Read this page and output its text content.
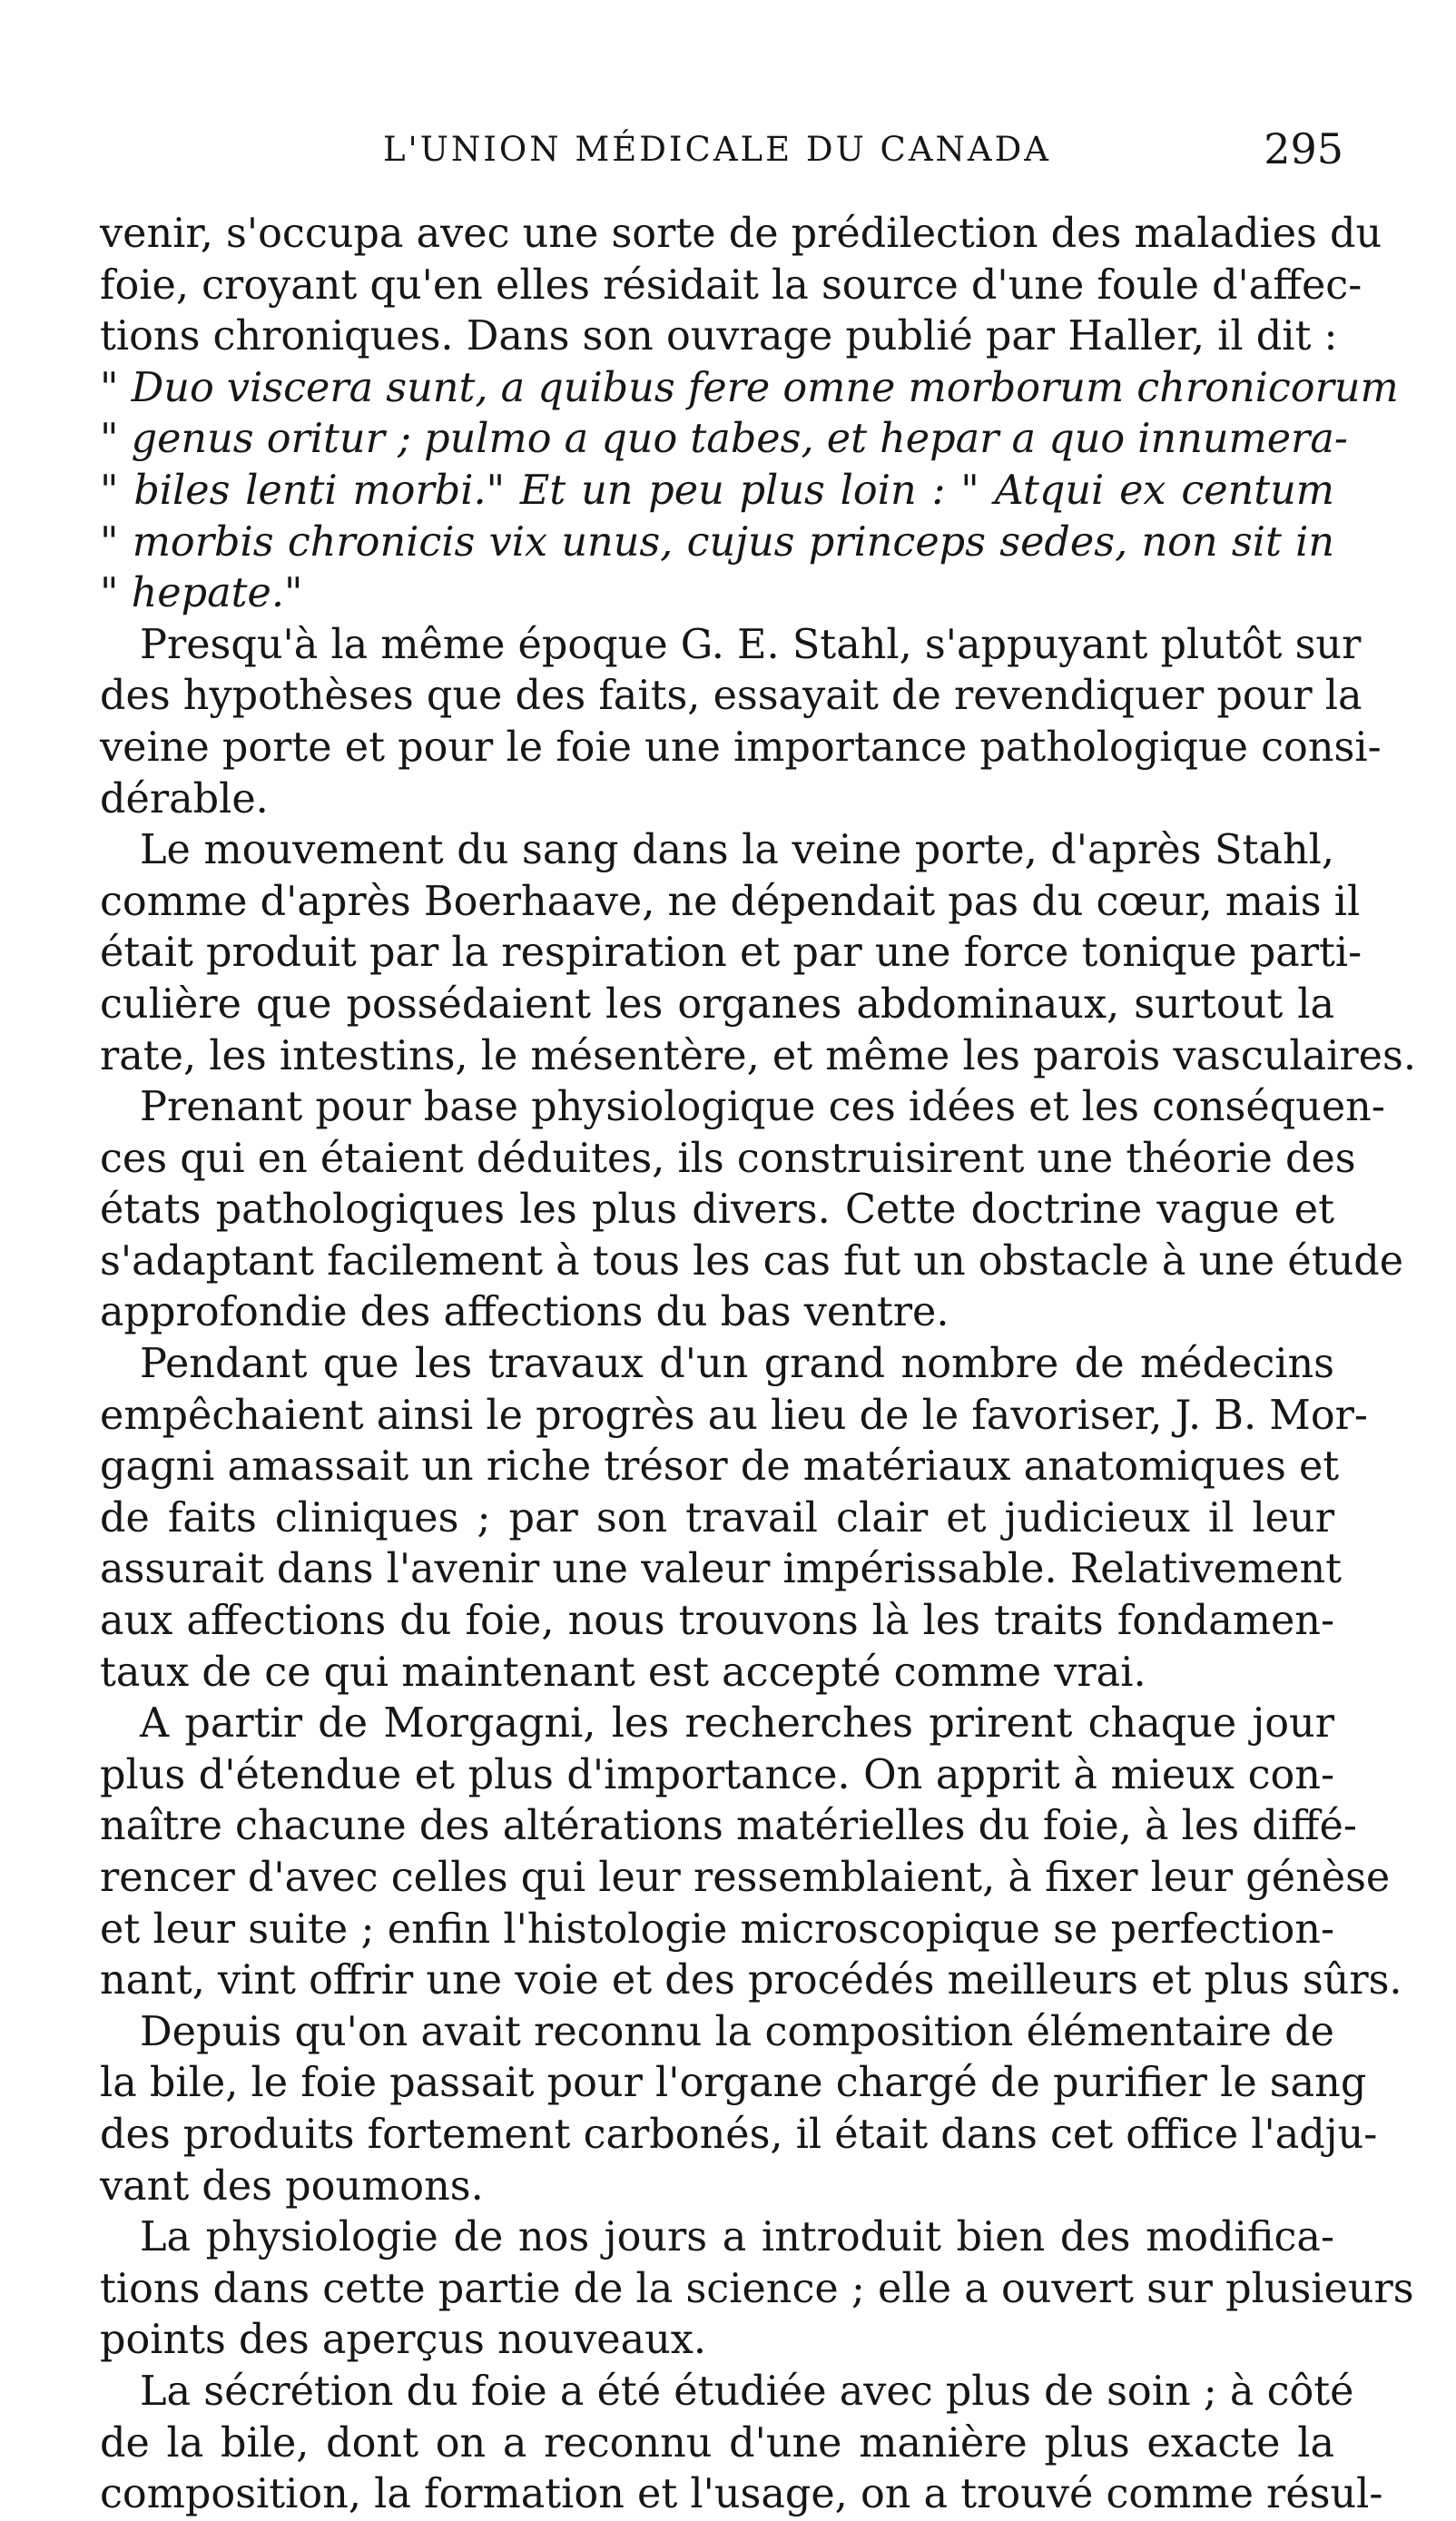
L'UNION MÉDICALE DU CANADA	295
venir, s'occupa avec une sorte de prédilection des maladies du
foie, croyant qu'en elles résidait la source d'une foule d'affec-
tions chroniques. Dans son ouvrage publié par Haller, il dit :
" Duo viscera sunt, a quibus fere omne morborum chronicorum
" genus oritur ; pulmo a quo tabes, et hepar a quo innumera-
" biles lenti morbi." Et un peu plus loin : " Atqui ex centum
" morbis chronicis vix unus, cujus princeps sedes, non sit in
" hepate."
Presqu'à la même époque G. E. Stahl, s'appuyant plutôt sur
des hypothèses que des faits, essayait de revendiquer pour la
veine porte et pour le foie une importance pathologique consi-
dérable.
Le mouvement du sang dans la veine porte, d'après Stahl,
comme d'après Boerhaave, ne dépendait pas du cœur, mais il
était produit par la respiration et par une force tonique parti-
culière que possédaient les organes abdominaux, surtout la
rate, les intestins, le mésentère, et même les parois vasculaires.
Prenant pour base physiologique ces idées et les conséquen-
ces qui en étaient déduites, ils construisirent une théorie des
états pathologiques les plus divers. Cette doctrine vague et
s'adaptant facilement à tous les cas fut un obstacle à une étude
approfondie des affections du bas ventre.
Pendant que les travaux d'un grand nombre de médecins
empêchaient ainsi le progrès au lieu de le favoriser, J. B. Mor-
gagni amassait un riche trésor de matériaux anatomiques et
de faits cliniques ; par son travail clair et judicieux il leur
assurait dans l'avenir une valeur impérissable. Relativement
aux affections du foie, nous trouvons là les traits fondamen-
taux de ce qui maintenant est accepté comme vrai.
A partir de Morgagni, les recherches prirent chaque jour
plus d'étendue et plus d'importance. On apprit à mieux con-
naître chacune des altérations matérielles du foie, à les diffé-
rencer d'avec celles qui leur ressemblaient, à fixer leur génèse
et leur suite ; enfin l'histologie microscopique se perfection-
nant, vint offrir une voie et des procédés meilleurs et plus sûrs.
Depuis qu'on avait reconnu la composition élémentaire de
la bile, le foie passait pour l'organe chargé de purifier le sang
des produits fortement carbonés, il était dans cet office l'adju-
vant des poumons.
La physiologie de nos jours a introduit bien des modifica-
tions dans cette partie de la science ; elle a ouvert sur plusieurs
points des aperçus nouveaux.
La sécrétion du foie a été étudiée avec plus de soin ; à côté
de la bile, dont on a reconnu d'une manière plus exacte la
composition, la formation et l'usage, on a trouvé comme résul-
